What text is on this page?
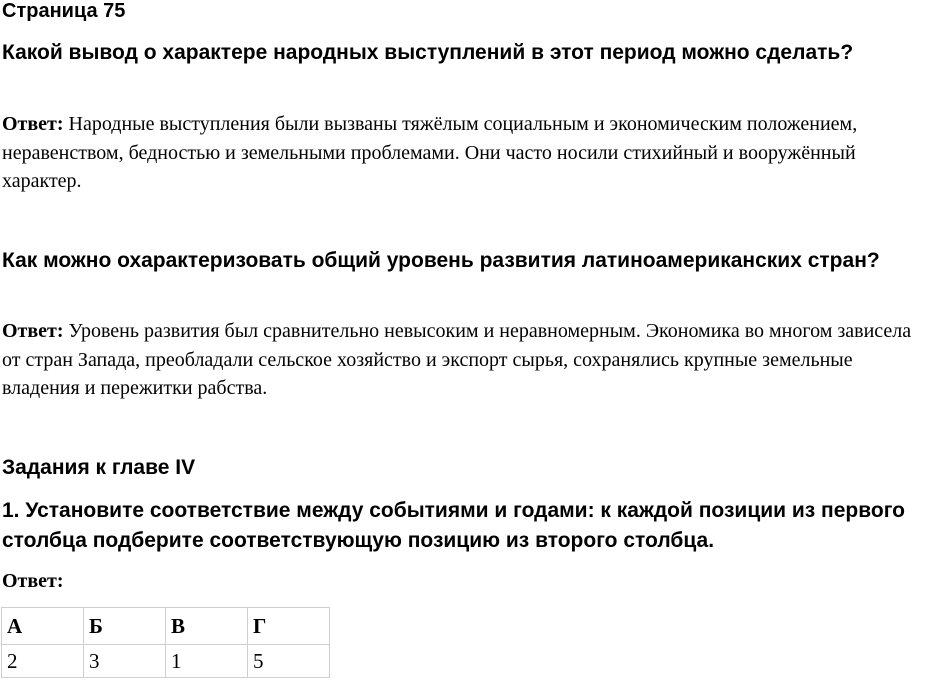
Страница 75
Какой вывод о характере народных выступлений в этот период можно сделать?

Ответ: Народные выступления были вызваны тяжёлым социальным и экономическим положением, неравенством, бедностью и земельными проблемами. Они часто носили стихийный и вооружённый характер.

Как можно охарактеризовать общий уровень развития латиноамериканских стран?

Ответ: Уровень развития был сравнительно невысоким и неравномерным. Экономика во многом зависела от стран Запада, преобладали сельское хозяйство и экспорт сырья, сохранялись крупные земельные владения и пережитки рабства.

Задания к главе IV
1. Установите соответствие между событиями и годами: к каждой позиции из первого столбца подберите соответствующую позицию из второго столбца.

Ответ:

А	Б	В	Г
2	3	1	5
